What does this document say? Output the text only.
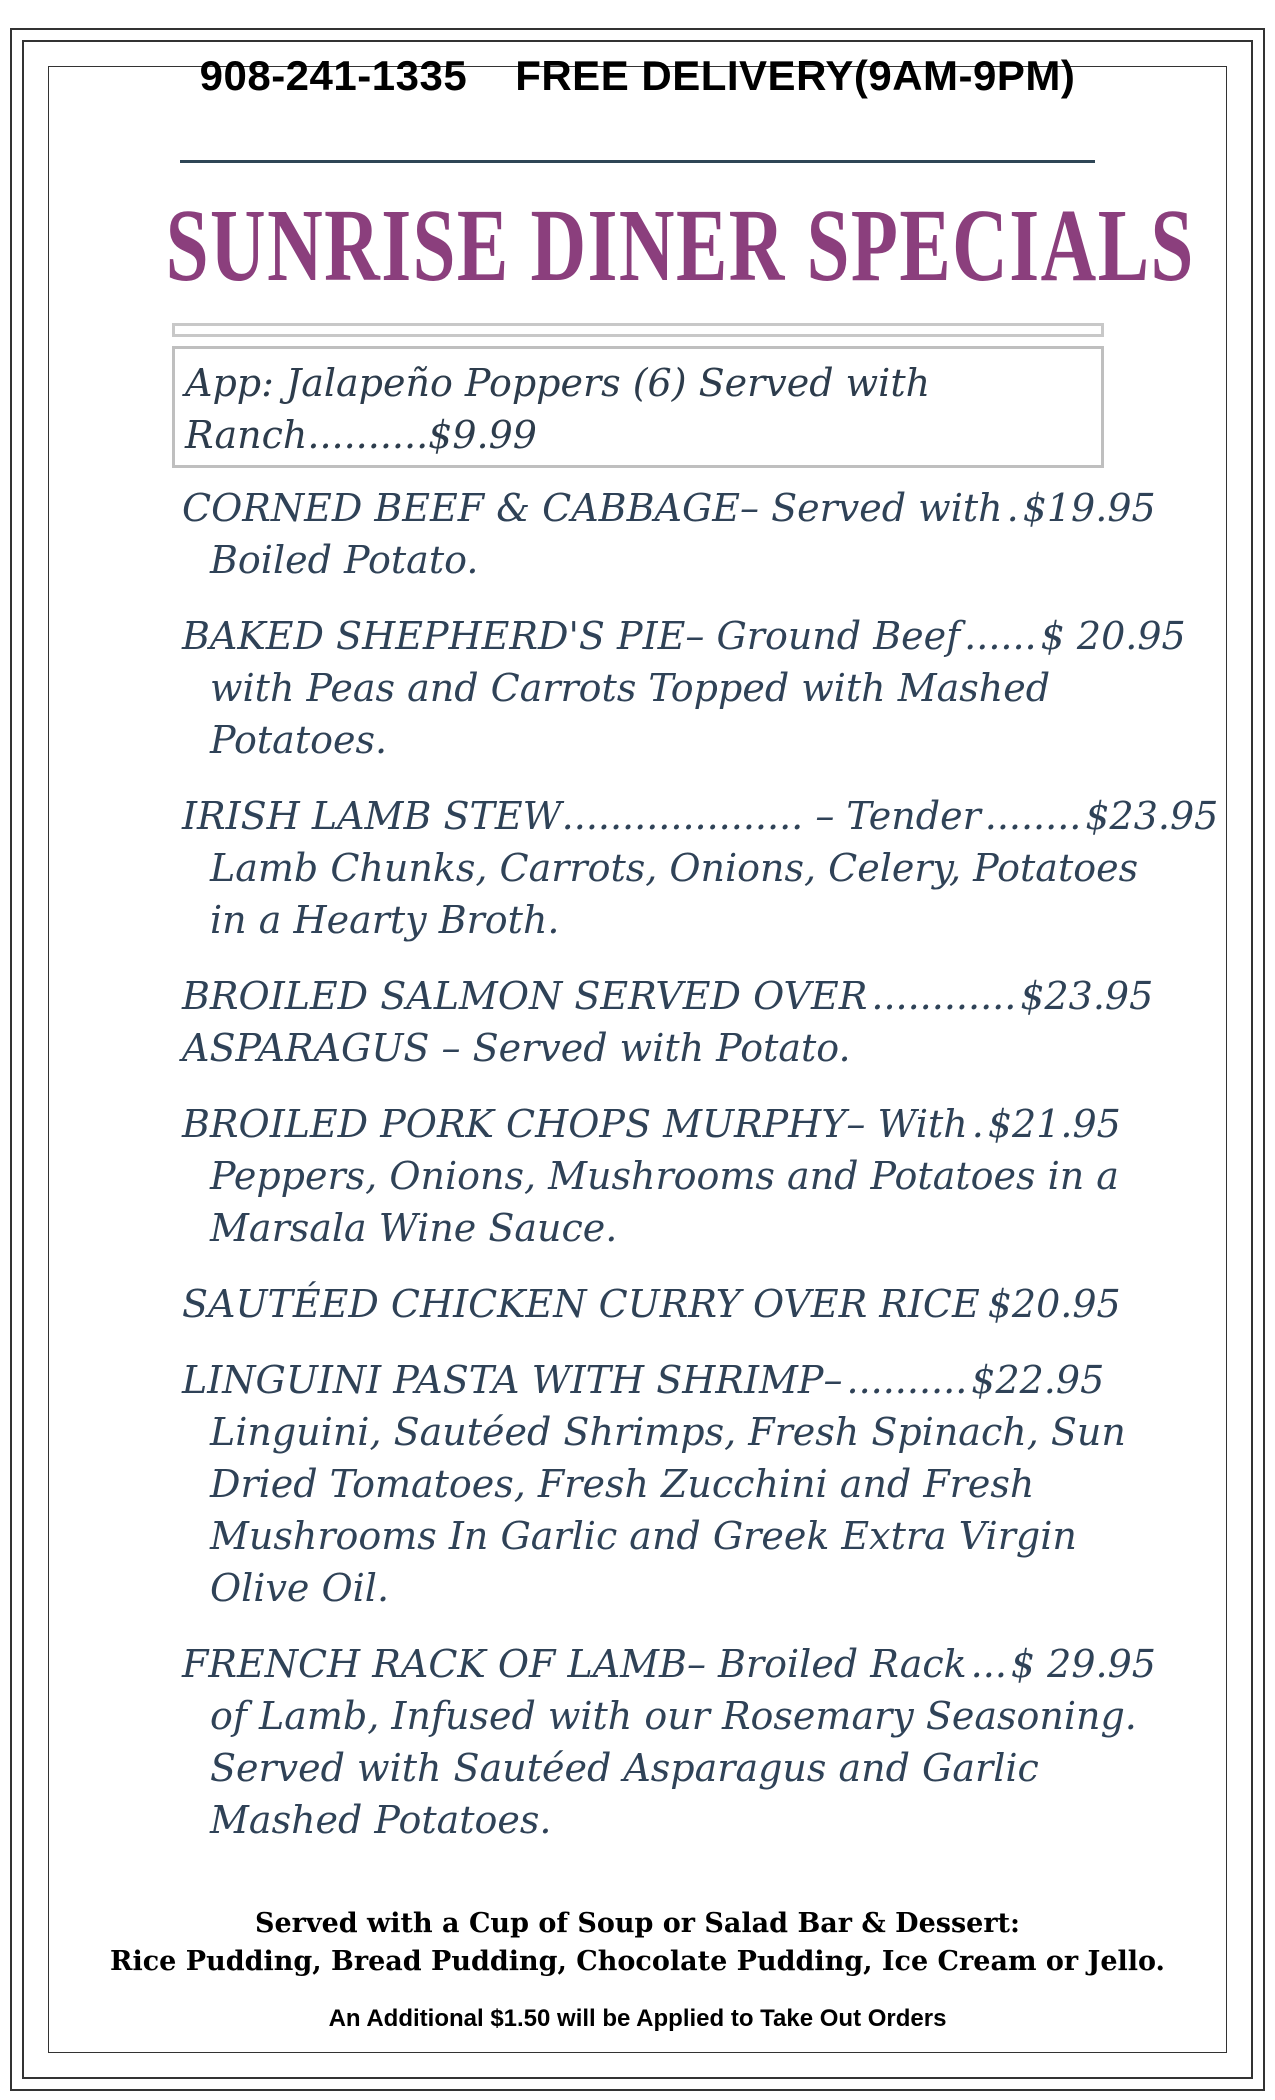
908-241-1335 FREE DELIVERY(9AM-9PM)
SUNRISE DINER SPECIALS
App: Jalapeño Poppers (6) Served with
Ranch..........$9.99
CORNED BEEF & CABBAGE – Served with . $19.95
Boiled Potato.
BAKED SHEPHERD'S PIE – Ground Beef ...... $ 20.95
with Peas and Carrots Topped with Mashed
Potatoes.
IRISH LAMB STEW .................... – Tender ........ $23.95
Lamb Chunks, Carrots, Onions, Celery, Potatoes
in a Hearty Broth.
BROILED SALMON SERVED OVER ............ $23.95
ASPARAGUS – Served with Potato.
BROILED PORK CHOPS MURPHY – With . $21.95
Peppers, Onions, Mushrooms and Potatoes in a
Marsala Wine Sauce.
SAUTÉED CHICKEN CURRY OVER RICE $20.95
LINGUINI PASTA WITH SHRIMP – .......... $22.95
Linguini, Sautéed Shrimps, Fresh Spinach, Sun
Dried Tomatoes, Fresh Zucchini and Fresh
Mushrooms In Garlic and Greek Extra Virgin
Olive Oil.
FRENCH RACK OF LAMB – Broiled Rack ... $ 29.95
of Lamb, Infused with our Rosemary Seasoning.
Served with Sautéed Asparagus and Garlic
Mashed Potatoes.
Served with a Cup of Soup or Salad Bar & Dessert:
Rice Pudding, Bread Pudding, Chocolate Pudding, Ice Cream or Jello.
An Additional $1.50 will be Applied to Take Out Orders
